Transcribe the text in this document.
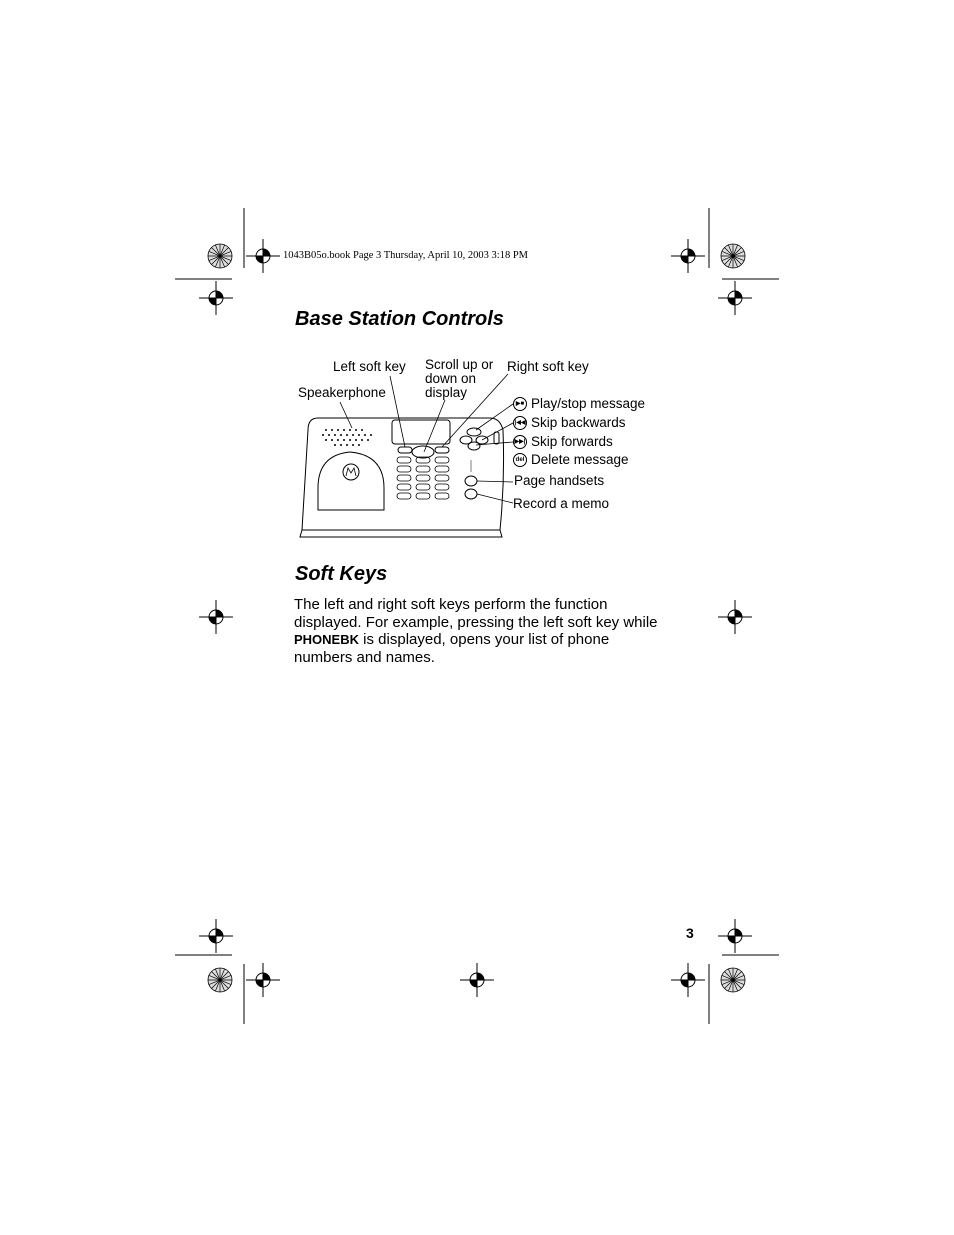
1043B05o.book Page 3 Thursday, April 10, 2003 3:18 PM
Base Station Controls
Left soft key Scroll up or down on display
Right soft key
Speakerphone
▶■ Play/stop message
|◀◀ Skip backwards
▶▶| Skip forwards
del Delete message
Page handsets
Record a memo
Soft Keys

The left and right soft keys perform the function displayed. For example, pressing the left soft key while PHONEBK is displayed, opens your list of phone numbers and names.

3
